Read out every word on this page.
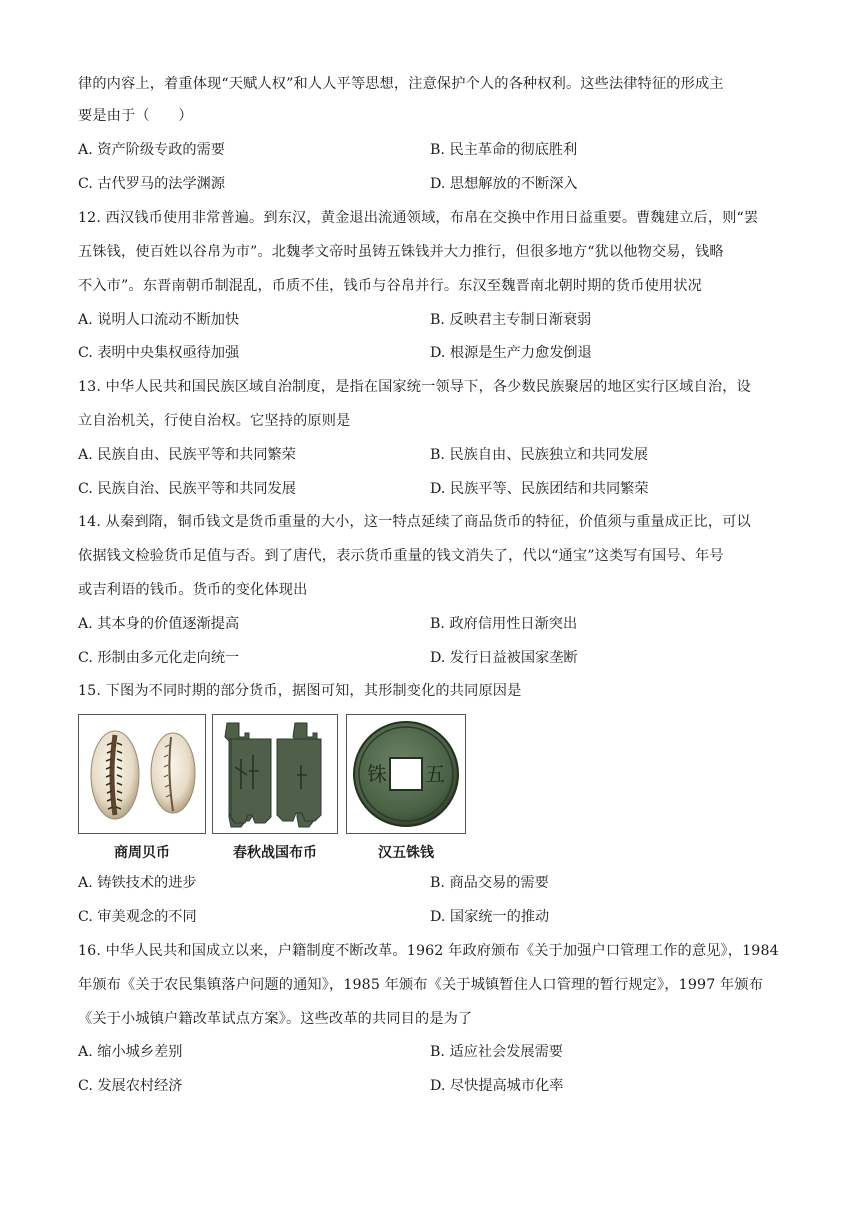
律的内容上，着重体现“天赋人权”和人人平等思想，注意保护个人的各种权利。这些法律特征的形成主
要是由于（　　）
A. 资产阶级专政的需要	B. 民主革命的彻底胜利
C. 古代罗马的法学渊源	D. 思想解放的不断深入
12. 西汉钱币使用非常普遍。到东汉，黄金退出流通领域，布帛在交换中作用日益重要。曹魏建立后，则“罢
五铢钱，使百姓以谷帛为市”。北魏孝文帝时虽铸五铢钱并大力推行，但很多地方“犹以他物交易，钱略
不入市”。东晋南朝币制混乱，币质不佳，钱币与谷帛并行。东汉至魏晋南北朝时期的货币使用状况
A. 说明人口流动不断加快	B. 反映君主专制日渐衰弱
C. 表明中央集权亟待加强	D. 根源是生产力愈发倒退
13. 中华人民共和国民族区域自治制度，是指在国家统一领导下，各少数民族聚居的地区实行区域自治，设
立自治机关，行使自治权。它坚持的原则是
A. 民族自由、民族平等和共同繁荣	B. 民族自由、民族独立和共同发展
C. 民族自治、民族平等和共同发展	D. 民族平等、民族团结和共同繁荣
14. 从秦到隋，铜币钱文是货币重量的大小，这一特点延续了商品货币的特征，价值须与重量成正比，可以
依据钱文检验货币足值与否。到了唐代，表示货币重量的钱文消失了，代以“通宝”这类写有国号、年号
或吉利语的钱币。货币的变化体现出
A. 其本身的价值逐渐提高	B. 政府信用性日渐突出
C. 形制由多元化走向统一	D. 发行日益被国家垄断
15. 下图为不同时期的部分货币，据图可知，其形制变化的共同原因是
商周贝币	春秋战国布币
铢 五
汉五铢钱
A. 铸铁技术的进步	B. 商品交易的需要
C. 审美观念的不同	D. 国家统一的推动
16. 中华人民共和国成立以来，户籍制度不断改革。1962 年政府颁布《关于加强户口管理工作的意见》，1984
年颁布《关于农民集镇落户问题的通知》，1985 年颁布《关于城镇暂住人口管理的暂行规定》，1997 年颁布
《关于小城镇户籍改革试点方案》。这些改革的共同目的是为了
A. 缩小城乡差别	B. 适应社会发展需要
C. 发展农村经济	D. 尽快提高城市化率
